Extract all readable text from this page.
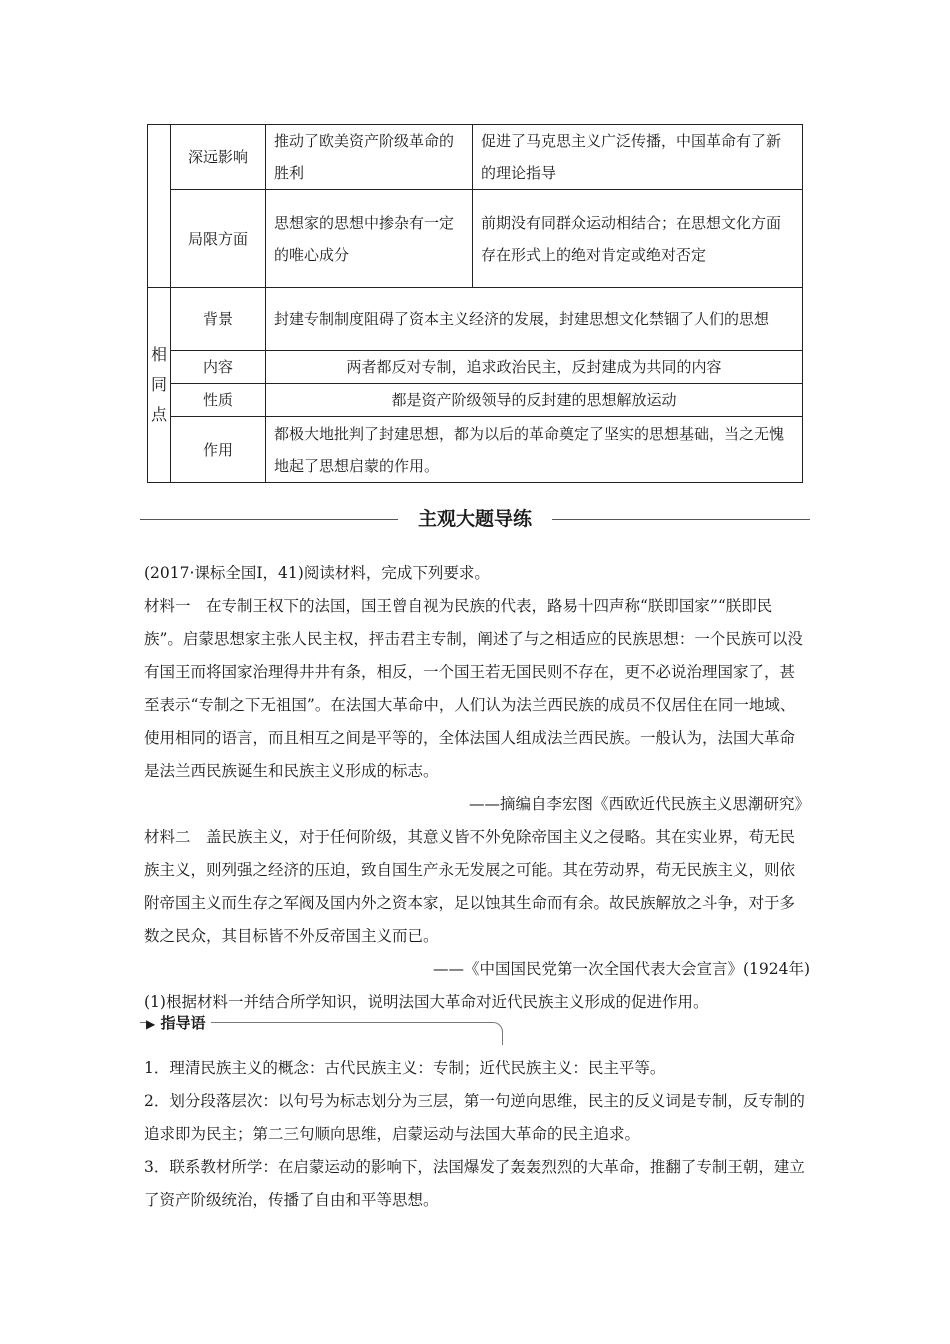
	深远影响	推动了欧美资产阶级革命的胜利	促进了马克思主义广泛传播，中国革命有了新的理论指导
	局限方面	思想家的思想中掺杂有一定的唯心成分	前期没有同群众运动相结合；在思想文化方面存在形式上的绝对肯定或绝对否定
相同点	背景	封建专制制度阻碍了资本主义经济的发展，封建思想文化禁锢了人们的思想	
	内容	两者都反对专制，追求政治民主，反封建成为共同的内容	
	性质	都是资产阶级领导的反封建的思想解放运动	
	作用	都极大地批判了封建思想，都为以后的革命奠定了坚实的思想基础，当之无愧地起了思想启蒙的作用。	
主观大题导练

(2017·课标全国Ⅰ，41)阅读材料，完成下列要求。

材料一　在专制王权下的法国，国王曾自视为民族的代表，路易十四声称“朕即国家”“朕即民族”。启蒙思想家主张人民主权，抨击君主专制，阐述了与之相适应的民族思想：一个民族可以没有国王而将国家治理得井井有条，相反，一个国王若无国民则不存在，更不必说治理国家了，甚至表示“专制之下无祖国”。在法国大革命中，人们认为法兰西民族的成员不仅居住在同一地域、使用相同的语言，而且相互之间是平等的，全体法国人组成法兰西民族。一般认为，法国大革命是法兰西民族诞生和民族主义形成的标志。

——摘编自李宏图《西欧近代民族主义思潮研究》

材料二　盖民族主义，对于任何阶级，其意义皆不外免除帝国主义之侵略。其在实业界，苟无民族主义，则列强之经济的压迫，致自国生产永无发展之可能。其在劳动界，苟无民族主义，则依附帝国主义而生存之军阀及国内外之资本家，足以蚀其生命而有余。故民族解放之斗争，对于多数之民众，其目标皆不外反帝国主义而已。

——《中国国民党第一次全国代表大会宣言》(1924年)

(1)根据材料一并结合所学知识，说明法国大革命对近代民族主义形成的促进作用。

▶ 指导语

1．理清民族主义的概念：古代民族主义：专制；近代民族主义：民主平等。

2．划分段落层次：以句号为标志划分为三层，第一句逆向思维，民主的反义词是专制，反专制的追求即为民主；第二三句顺向思维，启蒙运动与法国大革命的民主追求。

3．联系教材所学：在启蒙运动的影响下，法国爆发了轰轰烈烈的大革命，推翻了专制王朝，建立了资产阶级统治，传播了自由和平等思想。
